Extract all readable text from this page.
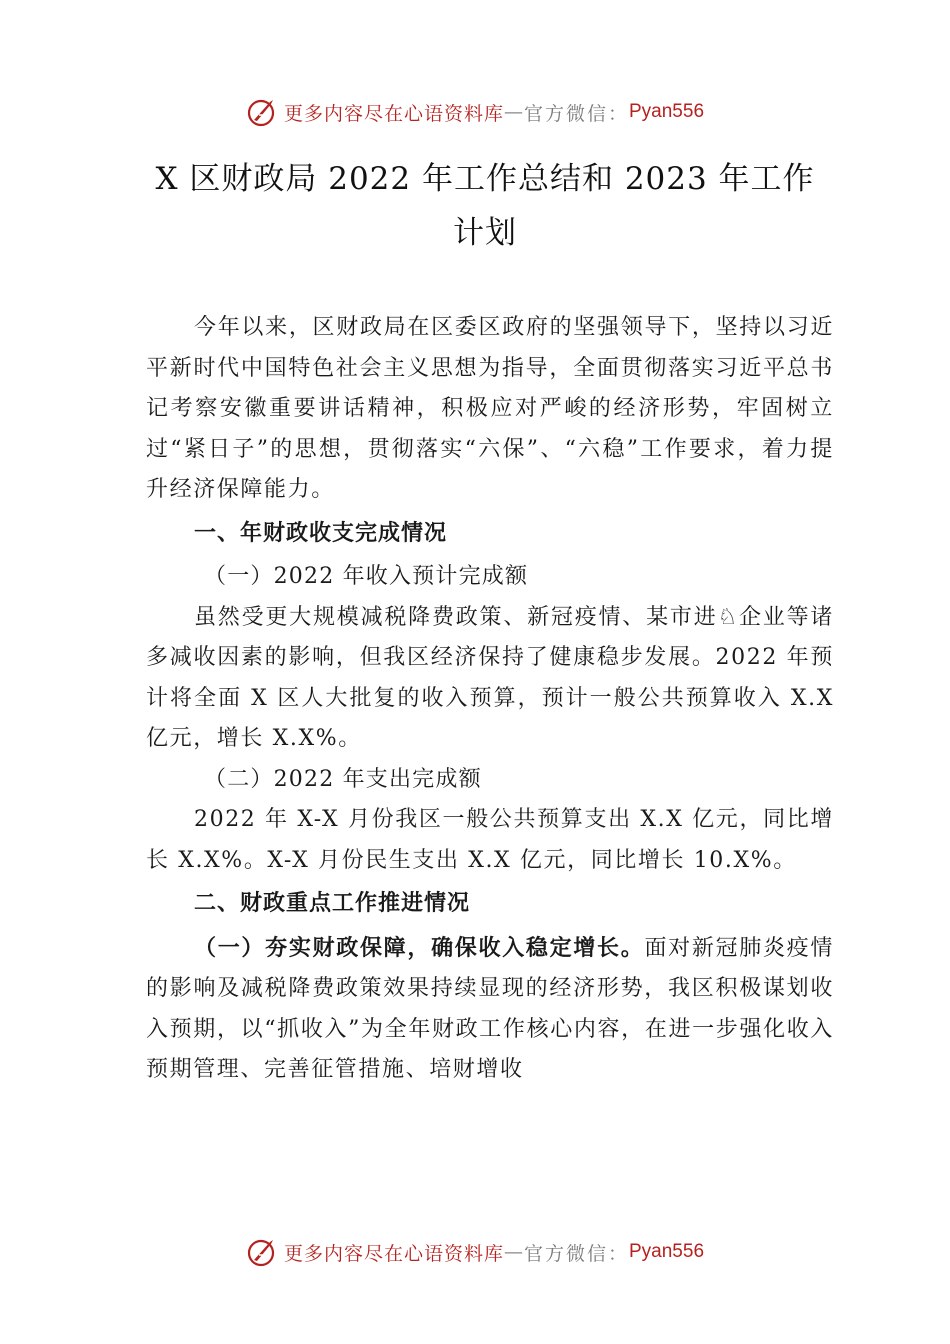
更多内容尽在心语资料库 — 官方微信： Pyan556
X 区财政局 2022 年工作总结和 2023 年工作计划

今年以来，区财政局在区委区政府的坚强领导下，坚持以习近平新时代中国特色社会主义思想为指导，全面贯彻落实习近平总书记考察安徽重要讲话精神，积极应对严峻的经济形势，牢固树立过“紧日子”的思想，贯彻落实“六保”、“六稳”工作要求，着力提升经济保障能力。

一、年财政收支完成情况

（一）2022 年收入预计完成额

虽然受更大规模减税降费政策、新冠疫情、某市进♘企业等诸多减收因素的影响，但我区经济保持了健康稳步发展。2022 年预计将全面 X 区人大批复的收入预算，预计一般公共预算收入 X.X 亿元，增长 X.X%。

（二）2022 年支出完成额

2022 年 X-X 月份我区一般公共预算支出 X.X 亿元，同比增长 X.X%。X-X 月份民生支出 X.X 亿元，同比增长 10.X%。

二、财政重点工作推进情况

（一）夯实财政保障，确保收入稳定增长。面对新冠肺炎疫情的影响及减税降费政策效果持续显现的经济形势，我区积极谋划收入预期，以“抓收入”为全年财政工作核心内容，在进一步强化收入预期管理、完善征管措施、培财增收

更多内容尽在心语资料库 — 官方微信： Pyan556
